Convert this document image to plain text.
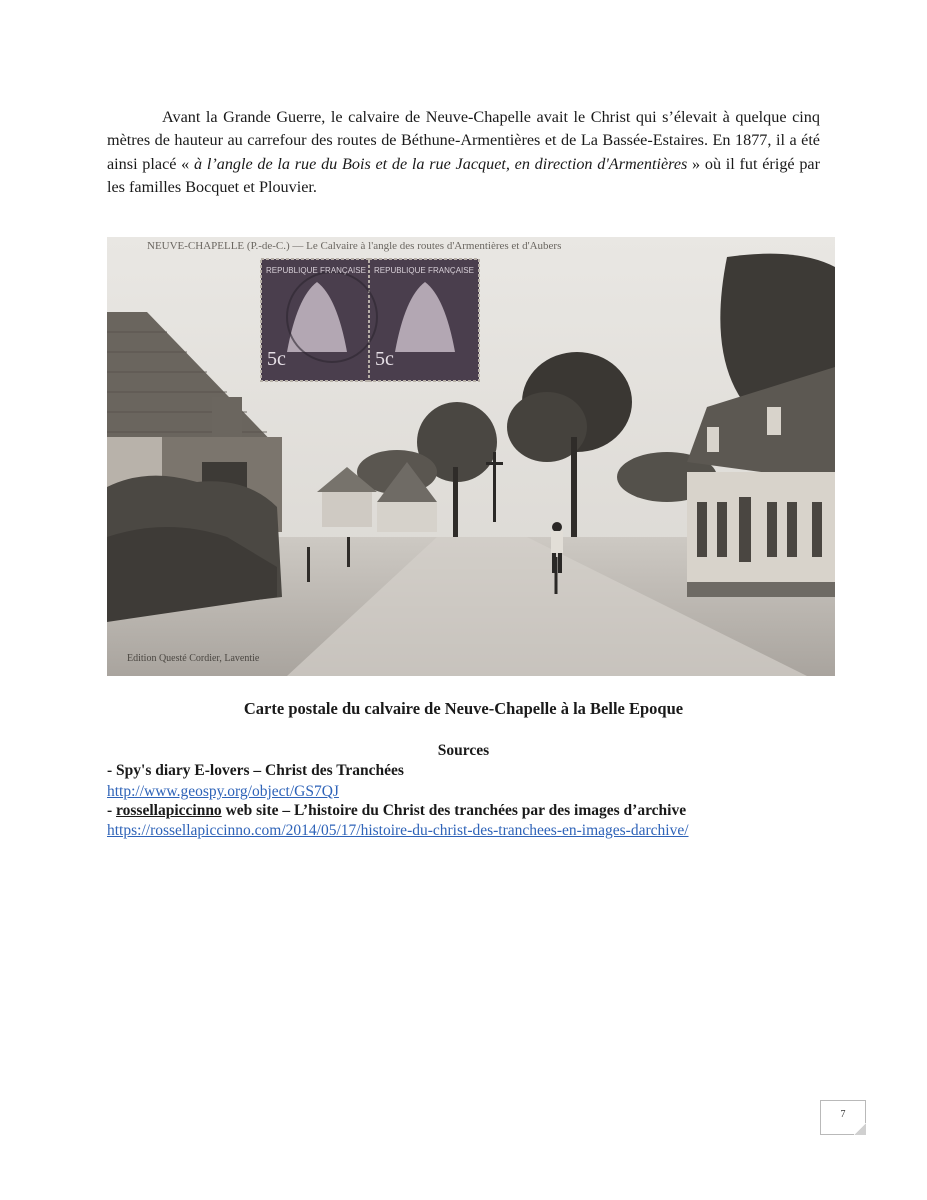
Avant la Grande Guerre, le calvaire de Neuve-Chapelle avait le Christ qui s’élevait à quelque cinq mètres de hauteur au carrefour des routes de Béthune-Armentières et de La Bassée-Estaires. En 1877, il a été ainsi placé « à l’angle de la rue du Bois et de la rue Jacquet, en direction d'Armentières » où il fut érigé par les familles Bocquet et Plouvier.

NEUVE-CHAPELLE (P.-de-C.) — Le Calvaire à l'angle des routes d'Armentières et d'Aubers
REPUBLIQUE FRANÇAISE REPUBLIQUE FRANÇAISE
5c	5c
Edition Questé Cordier, Laventie

Carte postale du calvaire de Neuve-Chapelle à la Belle Epoque

Sources

- Spy's diary E-lovers – Christ des Tranchées

http://www.geospy.org/object/GS7QJ

- rossellapiccinno web site – L’histoire du Christ des tranchées par des images d’archive

https://rossellapiccinno.com/2014/05/17/histoire-du-christ-des-tranchees-en-images-darchive/

7
